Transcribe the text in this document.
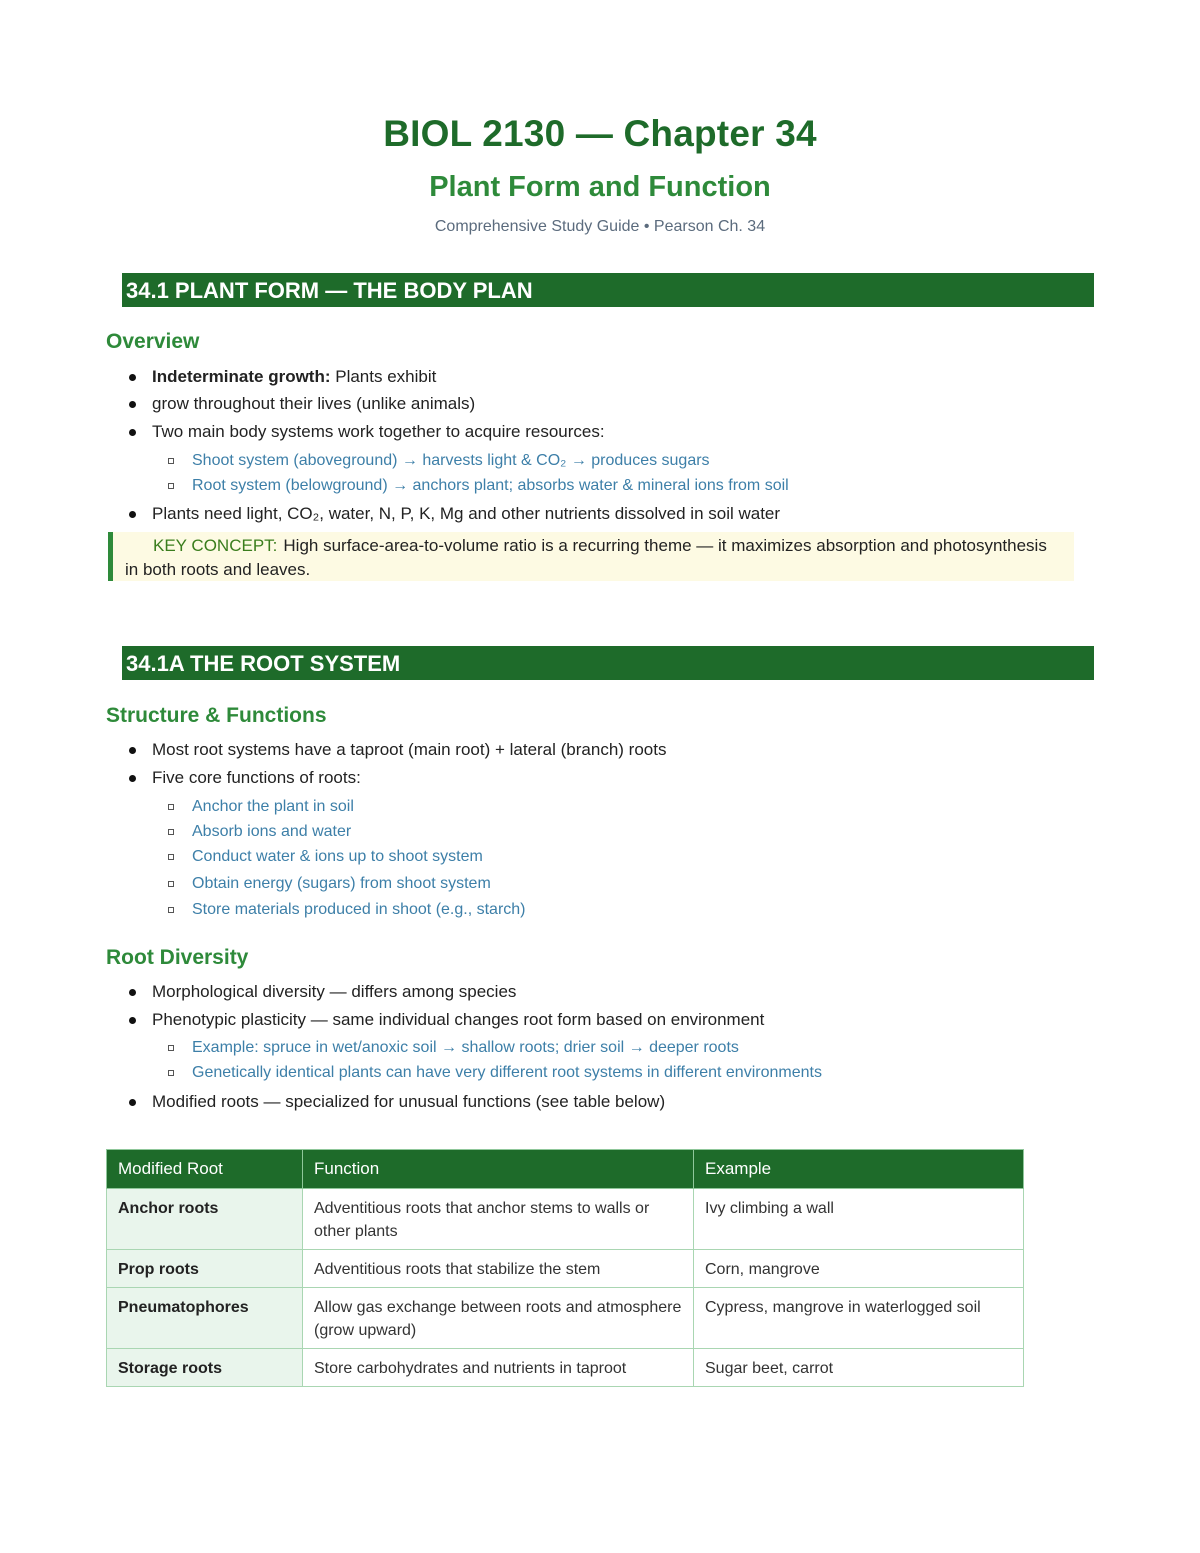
BIOL 2130 — Chapter 34
Plant Form and Function
Comprehensive Study Guide • Pearson Ch. 34
34.1 PLANT FORM — THE BODY PLAN
Overview
Indeterminate growth: Plants exhibit
grow throughout their lives (unlike animals)
Two main body systems work together to acquire resources:
Shoot system (aboveground) → harvests light & CO₂ → produces sugars
Root system (belowground) → anchors plant; absorbs water & mineral ions from soil
Plants need light, CO₂, water, N, P, K, Mg and other nutrients dissolved in soil water
KEY CONCEPT: High surface-area-to-volume ratio is a recurring theme — it maximizes absorption and photosynthesis in both roots and leaves.
34.1A THE ROOT SYSTEM
Structure & Functions
Most root systems have a taproot (main root) + lateral (branch) roots
Five core functions of roots:
Anchor the plant in soil
Absorb ions and water
Conduct water & ions up to shoot system
Obtain energy (sugars) from shoot system
Store materials produced in shoot (e.g., starch)
Root Diversity
Morphological diversity — differs among species
Phenotypic plasticity — same individual changes root form based on environment
Example: spruce in wet/anoxic soil → shallow roots; drier soil → deeper roots
Genetically identical plants can have very different root systems in different environments
Modified roots — specialized for unusual functions (see table below)
Modified Root	Function	Example
Anchor roots	Adventitious roots that anchor stems to walls or other plants	Ivy climbing a wall
Prop roots	Adventitious roots that stabilize the stem	Corn, mangrove
Pneumatophores	Allow gas exchange between roots and atmosphere (grow upward)	Cypress, mangrove in waterlogged soil
Storage roots	Store carbohydrates and nutrients in taproot	Sugar beet, carrot
